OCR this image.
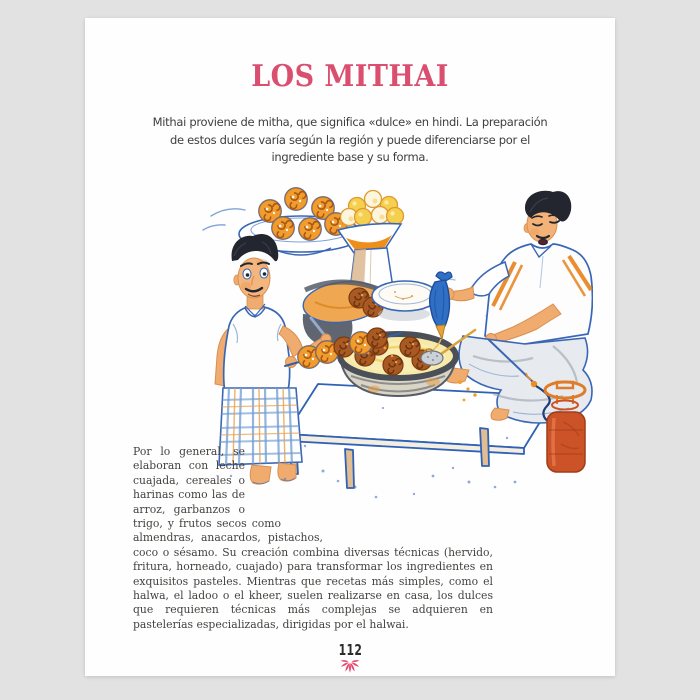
LOS MITHAI
Mithai proviene de mitha, que significa «dulce» en hindi. La preparación
de estos dulces varía según la región y puede diferenciarse por el
ingrediente base y su forma.

Por lo general, se elaboran con leche cuajada, cereales o harinas como las de arroz, garbanzos o trigo, y frutos secos como almendras, anacardos, pistachos, coco o sésamo. Su creación combina diversas técnicas (hervido, fritura, horneado, cuajado) para transformar los ingredientes en exquisitos pasteles. Mientras que recetas más simples, como el halwa, el ladoo o el kheer, suelen realizarse en casa, los dulces que requieren técnicas más complejas se adquieren en pastelerías especializadas, dirigidas por el halwai.

112
